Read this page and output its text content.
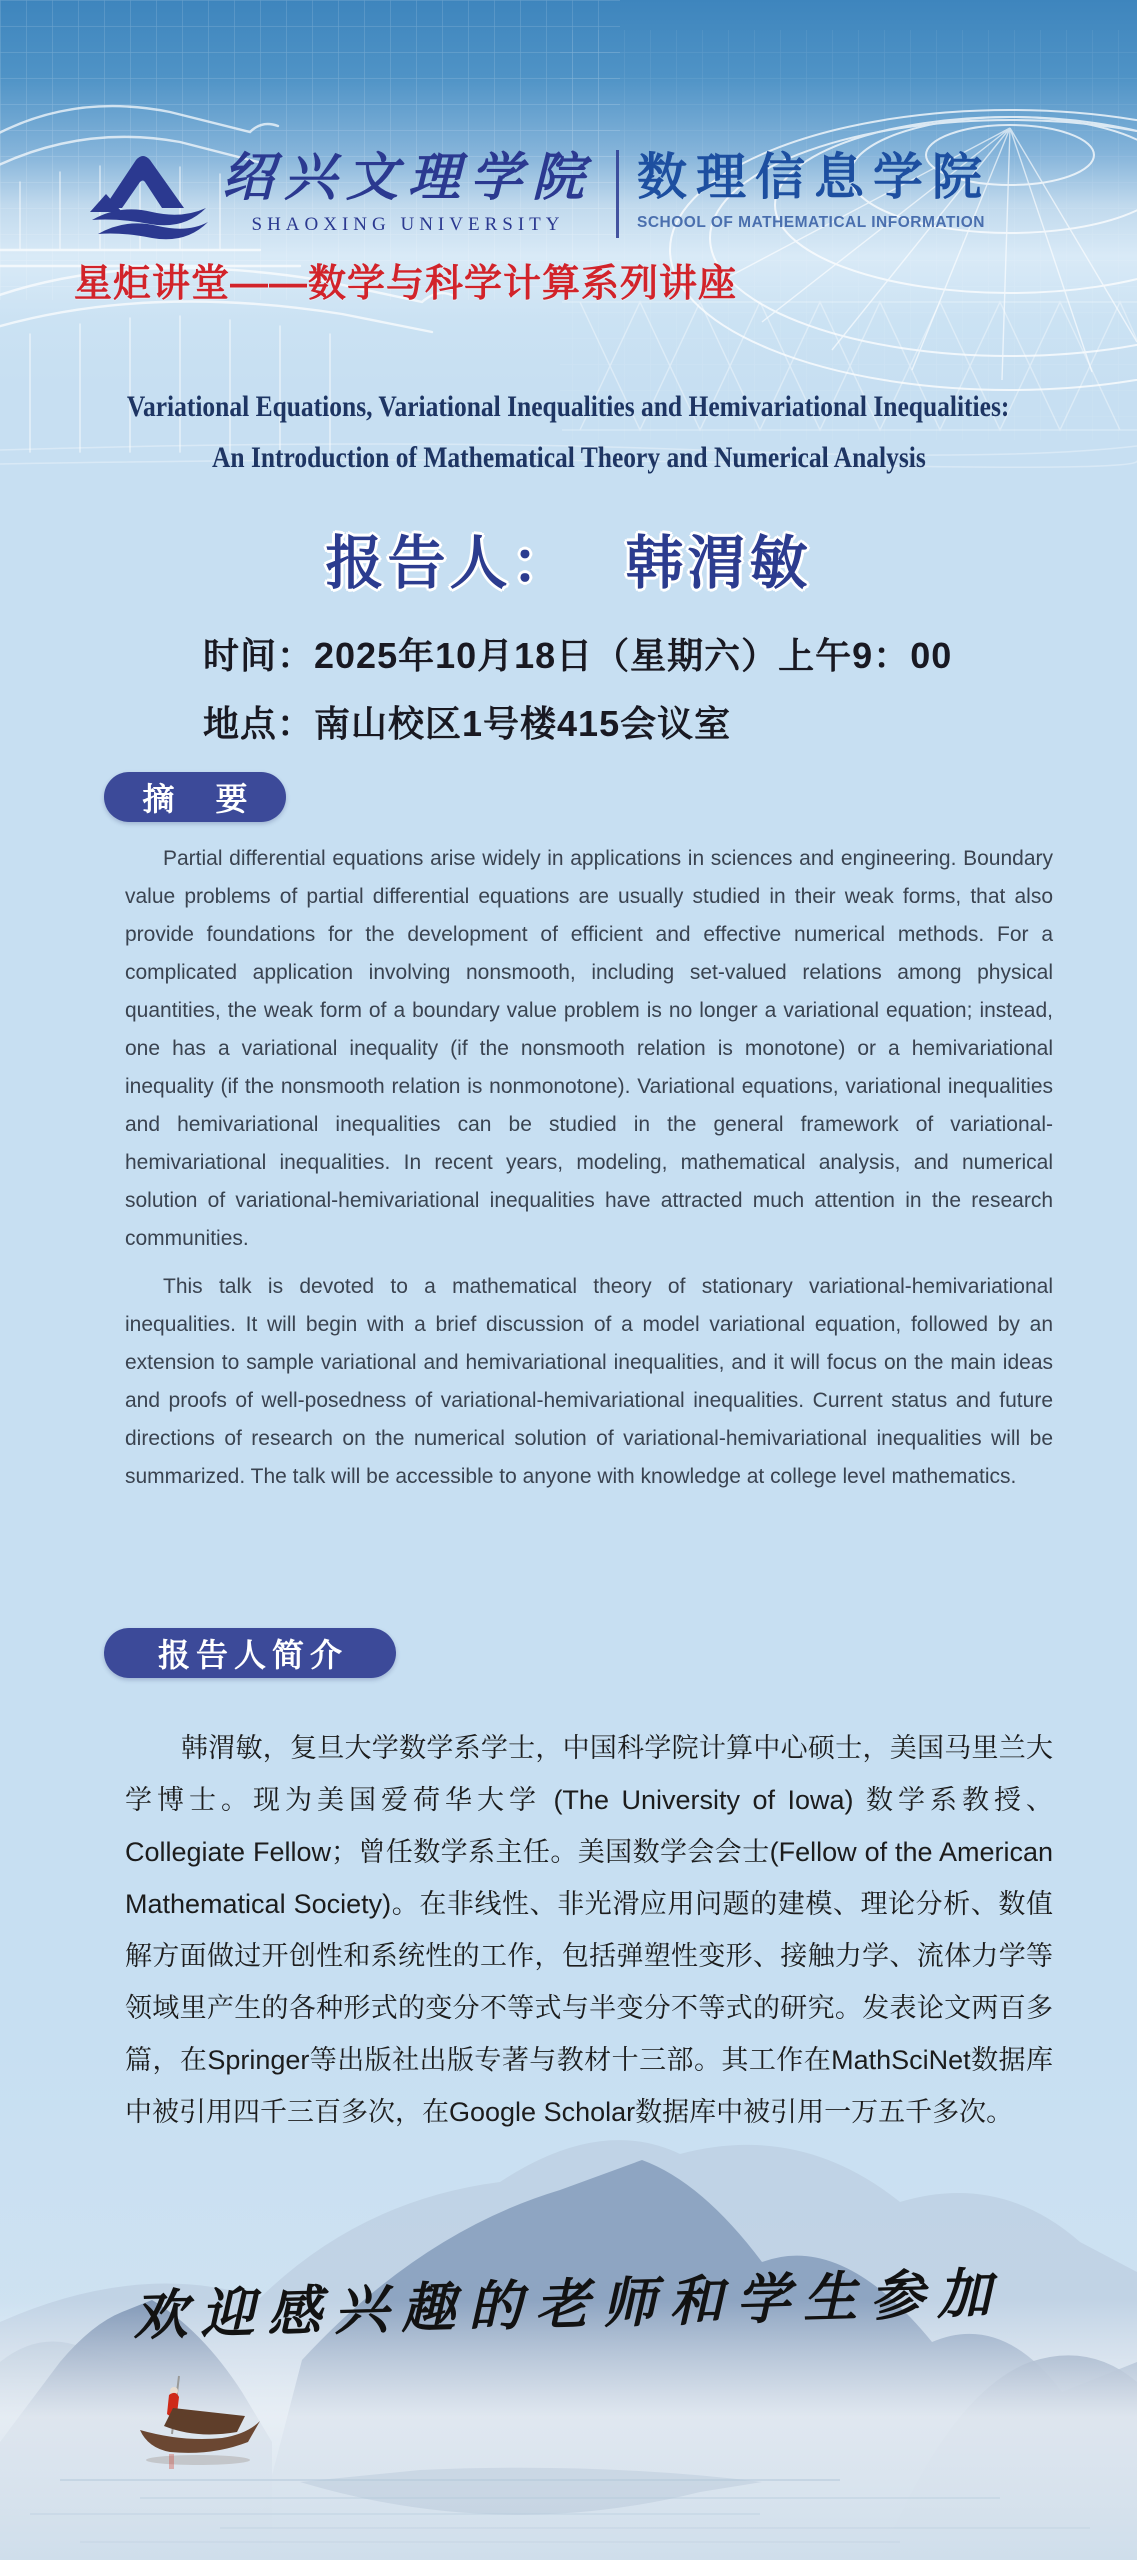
绍兴文理学院
SHAOXING UNIVERSITY
数理信息学院
SCHOOL OF MATHEMATICAL INFORMATION
星炬讲堂——数学与科学计算系列讲座
Variational Equations, Variational Inequalities and Hemivariational Inequalities:
An Introduction of Mathematical Theory and Numerical Analysis
报告人： 韩渭敏
时间：2025年10月18日（星期六）上午9：00
地点：南山校区1号楼415会议室
摘 要

Partial differential equations arise widely in applications in sciences and engineering. Boundary value problems of partial differential equations are usually studied in their weak forms, that also provide foundations for the development of efficient and effective numerical methods. For a complicated application involving nonsmooth, including set-valued relations among physical quantities, the weak form of a boundary value problem is no longer a variational equation; instead, one has a variational inequality (if the nonsmooth relation is monotone) or a hemivariational inequality (if the nonsmooth relation is nonmonotone). Variational equations, variational inequalities and hemivariational inequalities can be studied in the general framework of variational-hemivariational inequalities. In recent years, modeling, mathematical analysis, and numerical solution of variational-hemivariational inequalities have attracted much attention in the research communities.

This talk is devoted to a mathematical theory of stationary variational-hemivariational inequalities. It will begin with a brief discussion of a model variational equation, followed by an extension to sample variational and hemivariational inequalities, and it will focus on the main ideas and proofs of well-posedness of variational-hemivariational inequalities. Current status and future directions of research on the numerical solution of variational-hemivariational inequalities will be summarized. The talk will be accessible to anyone with knowledge at college level mathematics.

报告人简介
韩渭敏，复旦大学数学系学士，中国科学院计算中心硕士，美国马里兰大学博士。现为美国爱荷华大学 (The University of Iowa) 数学系教授、Collegiate Fellow；曾任数学系主任。美国数学会会士(Fellow of the American Mathematical Society)。在非线性、非光滑应用问题的建模、理论分析、数值解方面做过开创性和系统性的工作，包括弹塑性变形、接触力学、流体力学等领域里产生的各种形式的变分不等式与半变分不等式的研究。发表论文两百多篇，在Springer等出版社出版专著与教材十三部。其工作在MathSciNet数据库中被引用四千三百多次，在Google Scholar数据库中被引用一万五千多次。
欢迎感兴趣的老师和学生参加
